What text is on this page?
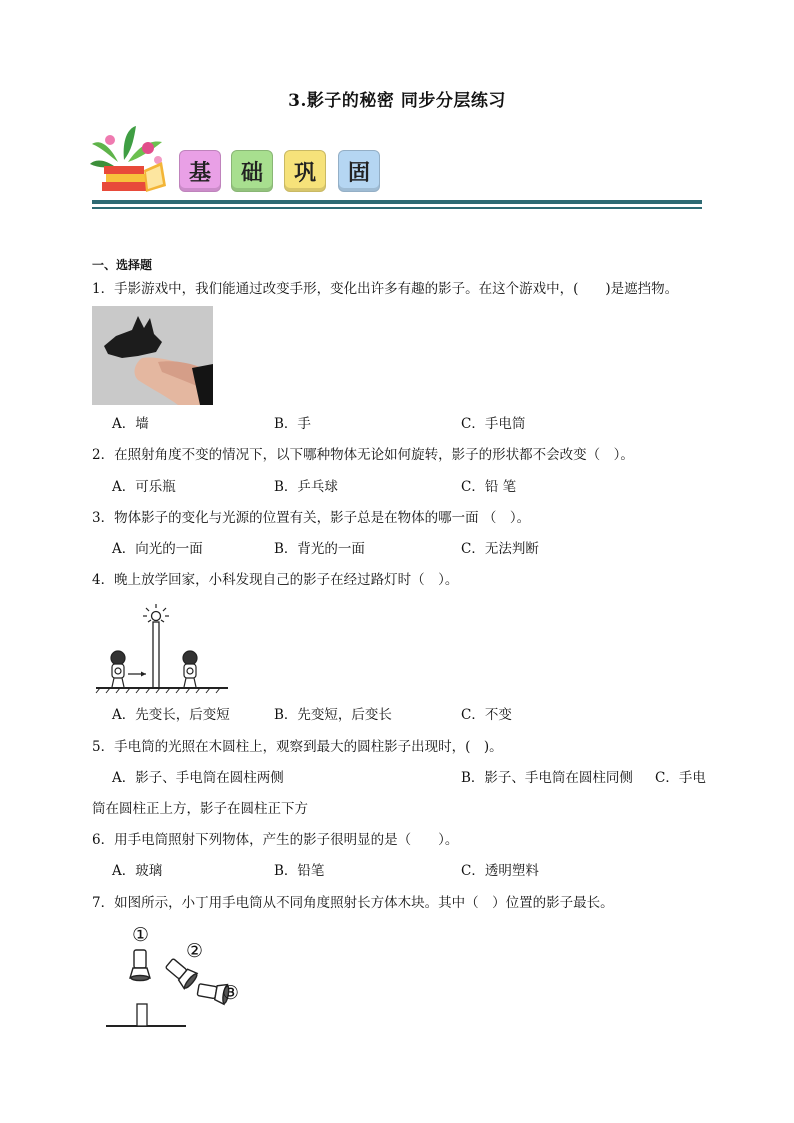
3.影子的秘密 同步分层练习
基 础 巩 固
一、选择题
1．手影游戏中，我们能通过改变手形，变化出许多有趣的影子。在这个游戏中，(　　)是遮挡物。
A．墙	B．手	C．手电筒
2．在照射角度不变的情况下，以下哪种物体无论如何旋转，影子的形状都不会改变（　）。
A．可乐瓶	B．乒乓球	C．铅 笔
3．物体影子的变化与光源的位置有关，影子总是在物体的哪一面 （　）。
A．向光的一面	B．背光的一面	C．无法判断
4．晚上放学回家，小科发现自己的影子在经过路灯时（　）。
A．先变长，后变短	B．先变短，后变长	C．不变
5．手电筒的光照在木圆柱上，观察到最大的圆柱影子出现时，(　)。
A．影子、手电筒在圆柱两侧	B．影子、手电筒在圆柱同侧 C．手电
筒在圆柱正上方，影子在圆柱正下方
6．用手电筒照射下列物体，产生的影子很明显的是（　　）。
A．玻璃	B．铅笔	C．透明塑料
7．如图所示，小丁用手电筒从不同角度照射长方体木块。其中（　）位置的影子最长。
①
②
③
